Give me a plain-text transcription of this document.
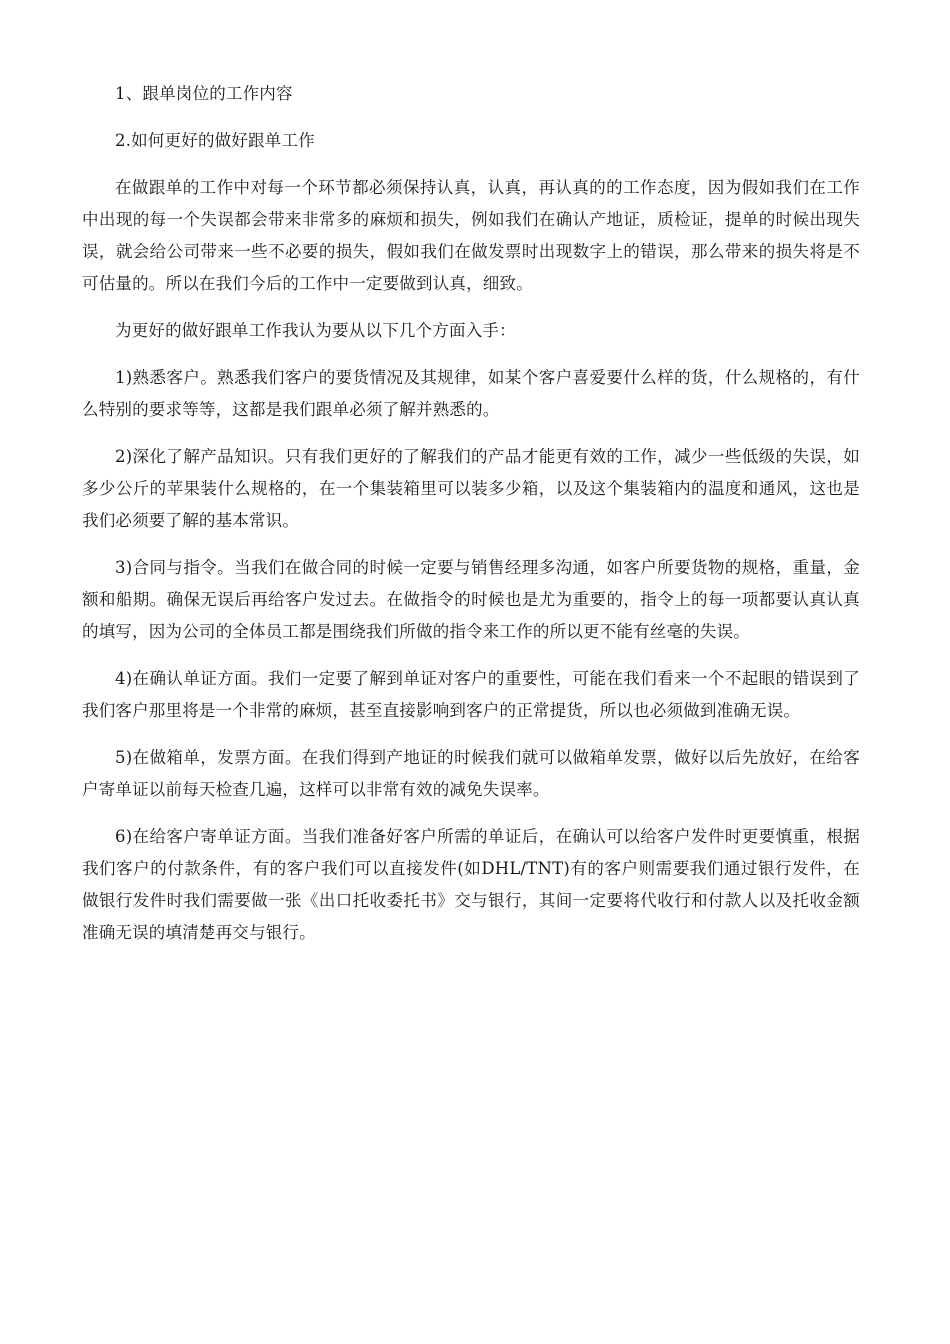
1、跟单岗位的工作内容

2.如何更好的做好跟单工作

在做跟单的工作中对每一个环节都必须保持认真，认真，再认真的的工作态度，因为假如我们在工作中出现的每一个失误都会带来非常多的麻烦和损失，例如我们在确认产地证，质检证，提单的时候出现失误，就会给公司带来一些不必要的损失，假如我们在做发票时出现数字上的错误，那么带来的损失将是不可估量的。所以在我们今后的工作中一定要做到认真，细致。

为更好的做好跟单工作我认为要从以下几个方面入手：

1)熟悉客户。熟悉我们客户的要货情况及其规律，如某个客户喜爱要什么样的货，什么规格的，有什么特别的要求等等，这都是我们跟单必须了解并熟悉的。

2)深化了解产品知识。只有我们更好的了解我们的产品才能更有效的工作，减少一些低级的失误，如多少公斤的苹果装什么规格的，在一个集装箱里可以装多少箱，以及这个集装箱内的温度和通风，这也是我们必须要了解的基本常识。

3)合同与指令。当我们在做合同的时候一定要与销售经理多沟通，如客户所要货物的规格，重量，金额和船期。确保无误后再给客户发过去。在做指令的时候也是尤为重要的，指令上的每一项都要认真认真的填写，因为公司的全体员工都是围绕我们所做的指令来工作的所以更不能有丝毫的失误。

4)在确认单证方面。我们一定要了解到单证对客户的重要性，可能在我们看来一个不起眼的错误到了我们客户那里将是一个非常的麻烦，甚至直接影响到客户的正常提货，所以也必须做到准确无误。

5)在做箱单，发票方面。在我们得到产地证的时候我们就可以做箱单发票，做好以后先放好，在给客户寄单证以前每天检查几遍，这样可以非常有效的减免失误率。

6)在给客户寄单证方面。当我们准备好客户所需的单证后，在确认可以给客户发件时更要慎重，根据我们客户的付款条件，有的客户我们可以直接发件(如DHL/TNT)有的客户则需要我们通过银行发件，在做银行发件时我们需要做一张《出口托收委托书》交与银行，其间一定要将代收行和付款人以及托收金额准确无误的填清楚再交与银行。
